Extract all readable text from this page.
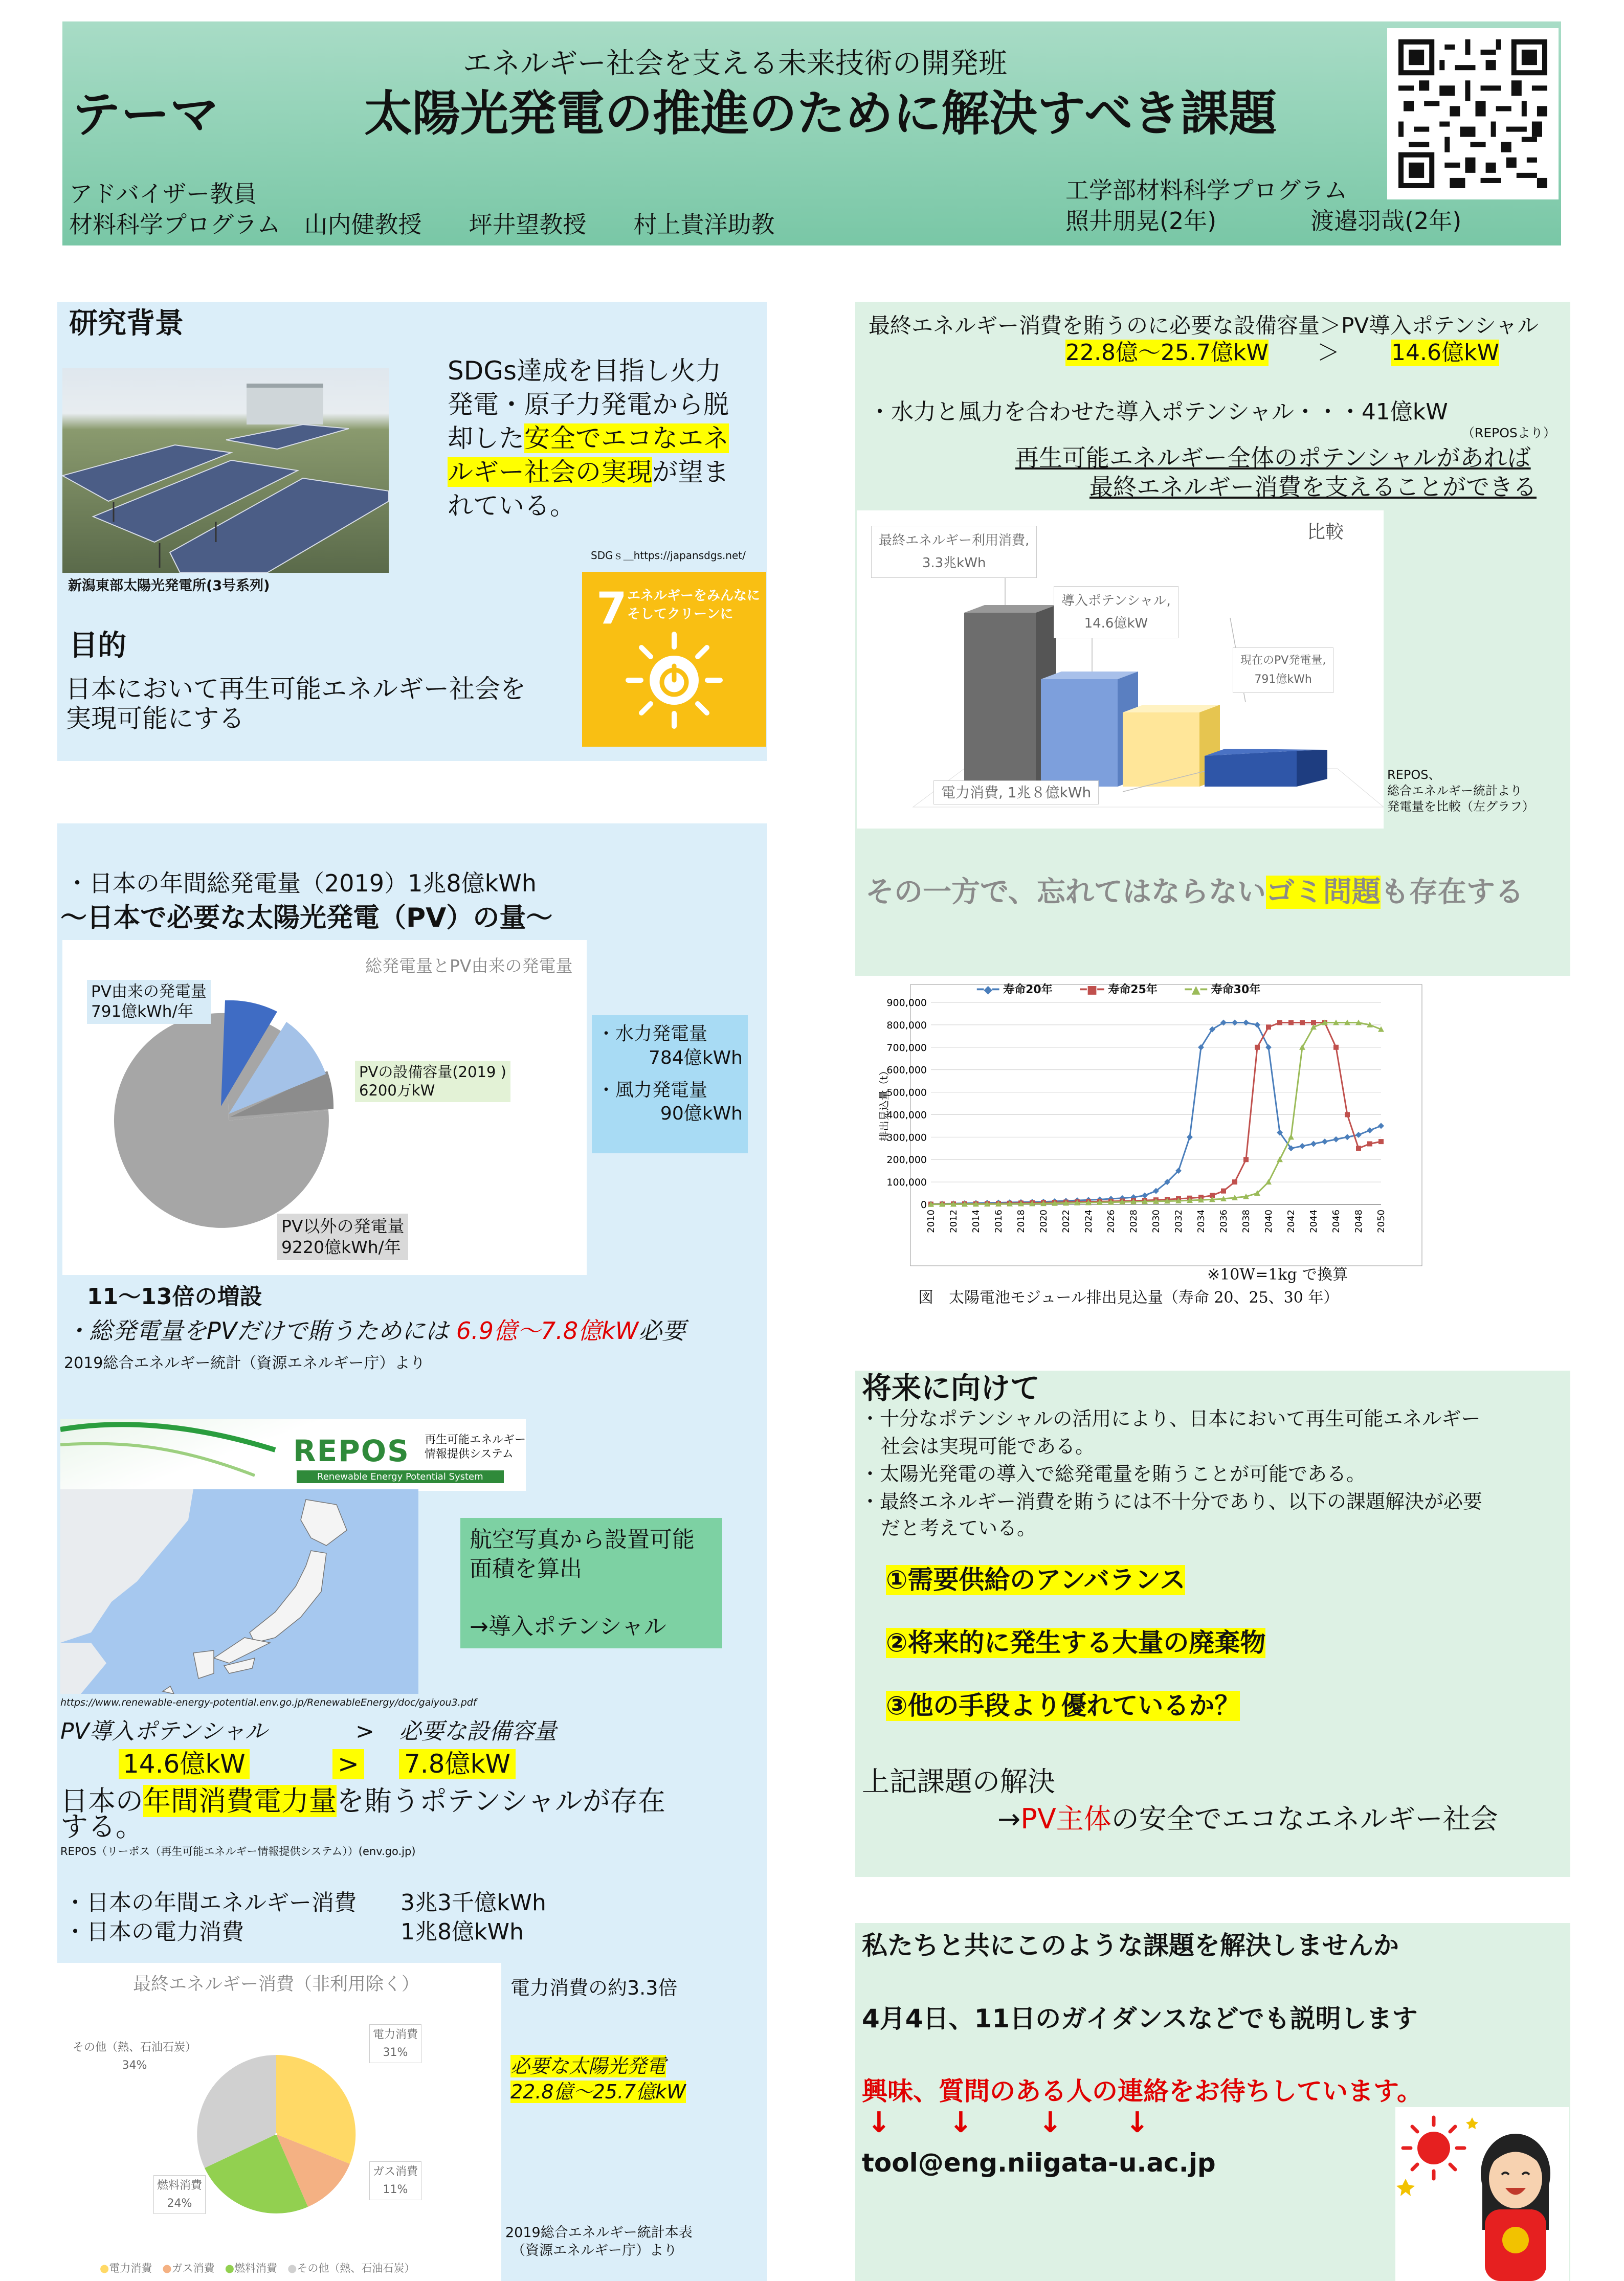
エネルギー社会を支える未来技術の開発班
テーマ	太陽光発電の推進のために解決すべき課題
アドバイザー教員
材料科学プログラム　山内健教授　　坪井望教授　　村上貴洋助教
工学部材料科学プログラム
照井朋晃(2年)　　　　渡邉羽哉(2年)
研究背景
新潟東部太陽光発電所(3号系列)
SDGs達成を目指し火力
発電・原子力発電から脱
却した安全でエコなエネ
ルギー社会の実現が望ま
れている。
SDGｓ＿https://japansdgs.net/
7 エネルギーをみんなに
そしてクリーンに
目的
日本において再生可能エネルギー社会を
実現可能にする
・日本の年間総発電量（2019）1兆8億kWh
〜日本で必要な太陽光発電（PV）の量〜
総発電量とPV由来の発電量
PV由来の発電量
791億kWh/年
PVの設備容量(2019 )
6200万kW
PV以外の発電量
9220億kWh/年
・水力発電量
784億kWh
・風力発電量
90億kWh
11〜13倍の増設
・総発電量をPVだけで賄うためには 6.9億〜7.8億kW必要
2019総合エネルギー統計（資源エネルギー庁）より
REPOS 再生可能エネルギー
情報提供システム
Renewable Energy Potential System
航空写真から設置可能
面積を算出
→導入ポテンシャル
https://www.renewable-energy-potential.env.go.jp/RenewableEnergy/doc/gaiyou3.pdf
PV導入ポテンシャル	> 必要な設備容量
14.6億kW	> 7.8億kW
日本の年間消費電力量を賄うポテンシャルが存在
する。
REPOS（リーポス（再生可能エネルギー情報提供システム））(env.go.jp)
・日本の年間エネルギー消費 3兆3千億kWh
・日本の電力消費	1兆8億kWh
最終エネルギー消費（非利用除く）
その他（熱、石油石炭）
34%
電力消費
31%
ガス消費
11%
燃料消費
24%
●電力消費 ●ガス消費 ●燃料消費 ●その他（熱、石油石炭）
電力消費の約3.3倍
必要な太陽光発電
22.8億〜25.7億kW
2019総合エネルギー統計本表
（資源エネルギー庁）より
最終エネルギー消費を賄うのに必要な設備容量＞PV導入ポテンシャル
22.8億〜25.7億kW ＞ 14.6億kW
・水力と風力を合わせた導入ポテンシャル・・・41億kW
（REPOSより）
再生可能エネルギー全体のポテンシャルがあれば
最終エネルギー消費を支えることができる
比較
最終エネルギー利用消費,
3.3兆kWh
導入ポテンシャル,
14.6億kW
現在のPV発電量,
791億kWh
電力消費, 1兆８億kWh
REPOS、
総合エネルギー統計より
発電量を比較（左グラフ）
その一方で、忘れてはならないゴミ問題も存在する
900,000
800,000
700,000
600,000
500,000
400,000
300,000
200,000
100,000
0
2010 2012 2014 2016 2018 2020 2022 2024 2026 2028 2030 2032 2034 2036 2038 2040 2042 2044 2046 2048 2050
排出見込量（t）
━◆━ 寿命20年 ━■━ 寿命25年 ━▲━ 寿命30年
※10W=1kg で換算
図　太陽電池モジュール排出見込量（寿命 20、25、30 年）
将来に向けて
・十分なポテンシャルの活用により、日本において再生可能エネルギー
社会は実現可能である。
・太陽光発電の導入で総発電量を賄うことが可能である。
・最終エネルギー消費を賄うには不十分であり、以下の課題解決が必要
だと考えている。
①需要供給のアンバランス
②将来的に発生する大量の廃棄物
③他の手段より優れているか？
上記課題の解決
→PV主体の安全でエコなエネルギー社会
私たちと共にこのような課題を解決しませんか
4月4日、11日のガイダンスなどでも説明します
興味、質問のある人の連絡をお待ちしています。
↓ ↓ ↓ ↓
tool@eng.niigata-u.ac.jp
